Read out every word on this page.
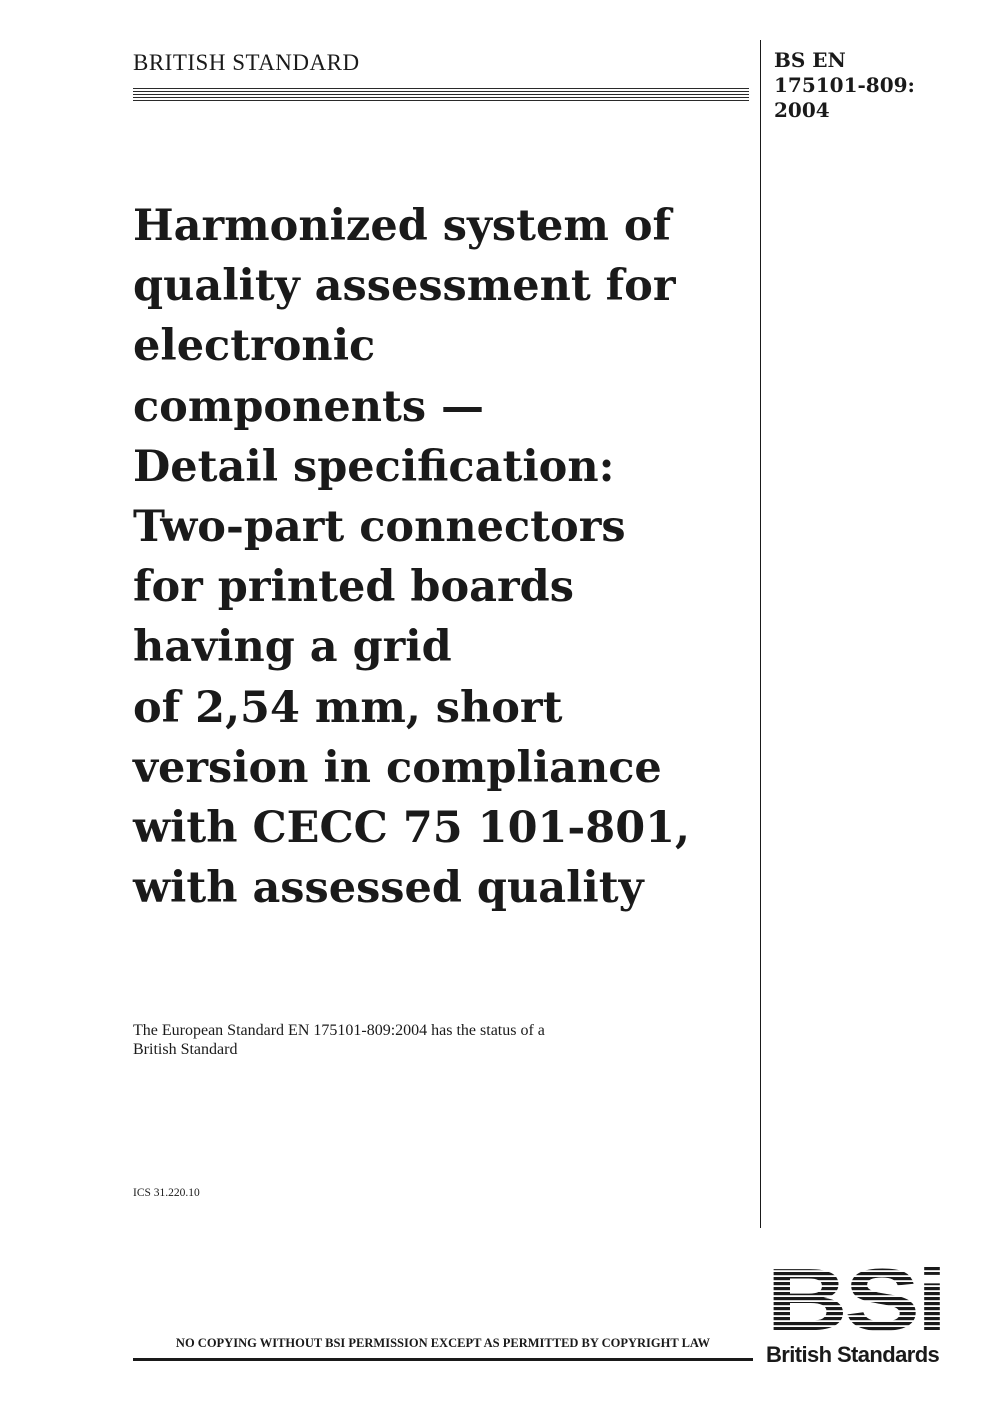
BRITISH STANDARD	BS EN
175101-809:
2004
Harmonized system of
quality assessment for
electronic
components —
Detail specification:
Two-part connectors
for printed boards
having a grid
of 2,54 mm, short
version in compliance
with CECC 75 101-801,
with assessed quality
The European Standard EN 175101-809:2004 has the status of a
British Standard
ICS 31.220.10
NO COPYING WITHOUT BSI PERMISSION EXCEPT AS PERMITTED BY COPYRIGHT LAW BSi
British Standards
